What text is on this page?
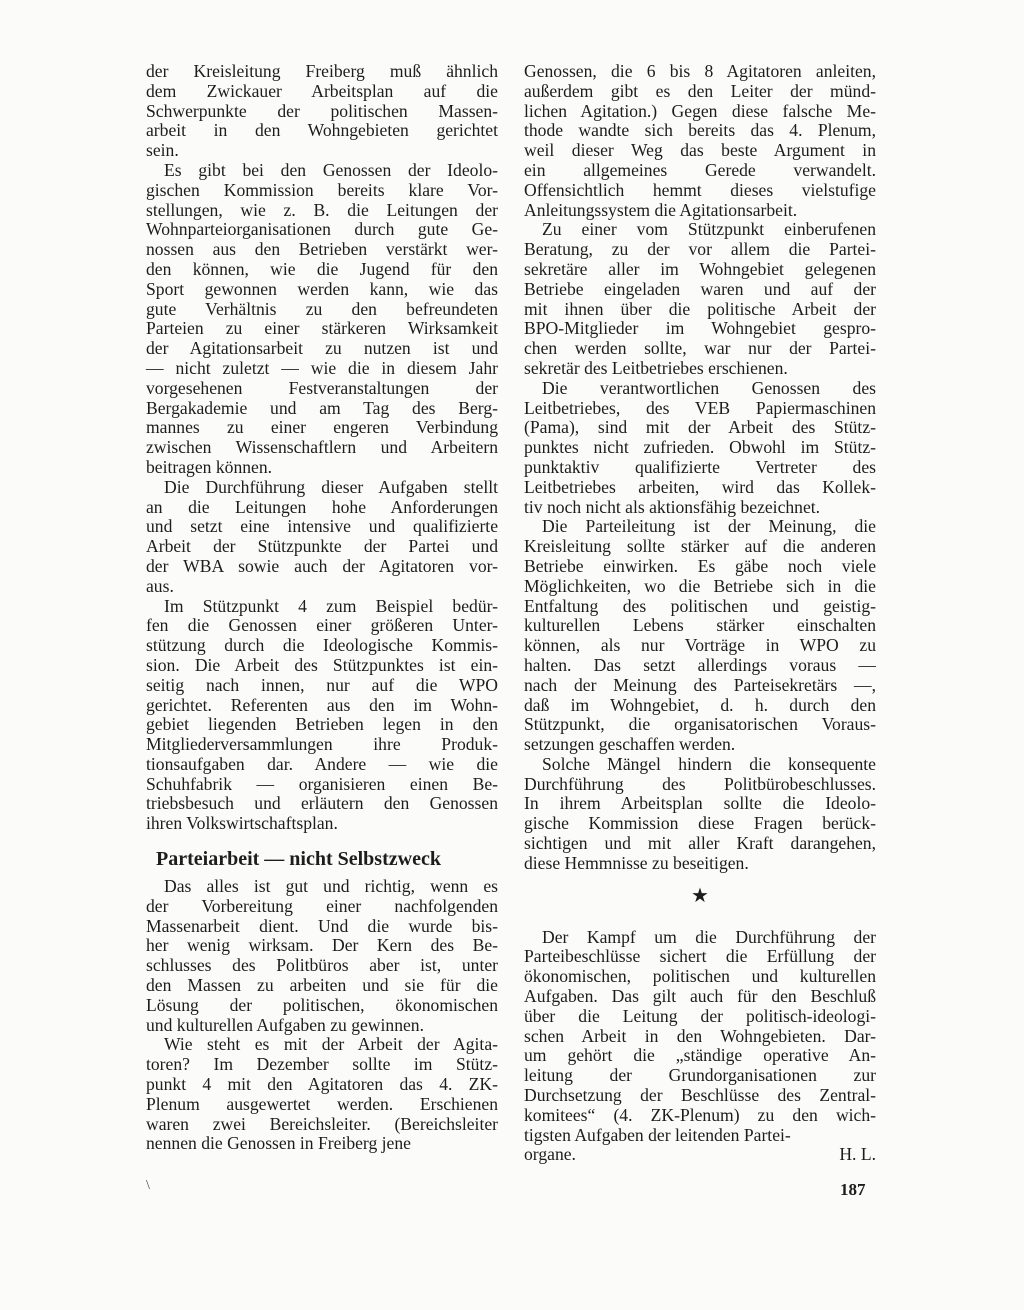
der Kreisleitung Freiberg muß ähnlich
dem Zwickauer Arbeitsplan auf die
Schwerpunkte der politischen Massen-
arbeit in den Wohngebieten gerichtet
sein.
Es gibt bei den Genossen der Ideolo-
gischen Kommission bereits klare Vor-
stellungen, wie z. B. die Leitungen der
Wohnparteiorganisationen durch gute Ge-
nossen aus den Betrieben verstärkt wer-
den können, wie die Jugend für den
Sport gewonnen werden kann, wie das
gute Verhältnis zu den befreundeten
Parteien zu einer stärkeren Wirksamkeit
der Agitationsarbeit zu nutzen ist und
— nicht zuletzt — wie die in diesem Jahr
vorgesehenen Festveranstaltungen der
Bergakademie und am Tag des Berg-
mannes zu einer engeren Verbindung
zwischen Wissenschaftlern und Arbeitern
beitragen können.
Die Durchführung dieser Aufgaben stellt
an die Leitungen hohe Anforderungen
und setzt eine intensive und qualifizierte
Arbeit der Stützpunkte der Partei und
der WBA sowie auch der Agitatoren vor-
aus.
Im Stützpunkt 4 zum Beispiel bedür-
fen die Genossen einer größeren Unter-
stützung durch die Ideologische Kommis-
sion. Die Arbeit des Stützpunktes ist ein-
seitig nach innen, nur auf die WPO
gerichtet. Referenten aus den im Wohn-
gebiet liegenden Betrieben legen in den
Mitgliederversammlungen ihre Produk-
tionsaufgaben dar. Andere — wie die
Schuhfabrik — organisieren einen Be-
triebsbesuch und erläutern den Genossen
ihren Volkswirtschaftsplan.
Parteiarbeit — nicht Selbstzweck
Das alles ist gut und richtig, wenn es
der Vorbereitung einer nachfolgenden
Massenarbeit dient. Und die wurde bis-
her wenig wirksam. Der Kern des Be-
schlusses des Politbüros aber ist, unter
den Massen zu arbeiten und sie für die
Lösung der politischen, ökonomischen
und kulturellen Aufgaben zu gewinnen.
Wie steht es mit der Arbeit der Agita-
toren? Im Dezember sollte im Stütz-
punkt 4 mit den Agitatoren das 4. ZK-
Plenum ausgewertet werden. Erschienen
waren zwei Bereichsleiter. (Bereichsleiter
nennen die Genossen in Freiberg jene
Genossen, die 6 bis 8 Agitatoren anleiten,
außerdem gibt es den Leiter der münd-
lichen Agitation.) Gegen diese falsche Me-
thode wandte sich bereits das 4. Plenum,
weil dieser Weg das beste Argument in
ein allgemeines Gerede verwandelt.
Offensichtlich hemmt dieses vielstufige
Anleitungssystem die Agitationsarbeit.
Zu einer vom Stützpunkt einberufenen
Beratung, zu der vor allem die Partei-
sekretäre aller im Wohngebiet gelegenen
Betriebe eingeladen waren und auf der
mit ihnen über die politische Arbeit der
BPO-Mitglieder im Wohngebiet gespro-
chen werden sollte, war nur der Partei-
sekretär des Leitbetriebes erschienen.
Die verantwortlichen Genossen des
Leitbetriebes, des VEB Papiermaschinen
(Pama), sind mit der Arbeit des Stütz-
punktes nicht zufrieden. Obwohl im Stütz-
punktaktiv qualifizierte Vertreter des
Leitbetriebes arbeiten, wird das Kollek-
tiv noch nicht als aktionsfähig bezeichnet.
Die Parteileitung ist der Meinung, die
Kreisleitung sollte stärker auf die anderen
Betriebe einwirken. Es gäbe noch viele
Möglichkeiten, wo die Betriebe sich in die
Entfaltung des politischen und geistig-
kulturellen Lebens stärker einschalten
können, als nur Vorträge in WPO zu
halten. Das setzt allerdings voraus —
nach der Meinung des Parteisekretärs —,
daß im Wohngebiet, d. h. durch den
Stützpunkt, die organisatorischen Voraus-
setzungen geschaffen werden.
Solche Mängel hindern die konsequente
Durchführung des Politbürobeschlusses.
In ihrem Arbeitsplan sollte die Ideolo-
gische Kommission diese Fragen berück-
sichtigen und mit aller Kraft darangehen,
diese Hemmnisse zu beseitigen.
★
Der Kampf um die Durchführung der
Parteibeschlüsse sichert die Erfüllung der
ökonomischen, politischen und kulturellen
Aufgaben. Das gilt auch für den Beschluß
über die Leitung der politisch-ideologi-
schen Arbeit in den Wohngebieten. Dar-
um gehört die „ständige operative An-
leitung der Grundorganisationen zur
Durchsetzung der Beschlüsse des Zentral-
komitees“ (4. ZK-Plenum) zu den wich-
tigsten Aufgaben der leitenden Partei-
organe.	H. L.
187
\
